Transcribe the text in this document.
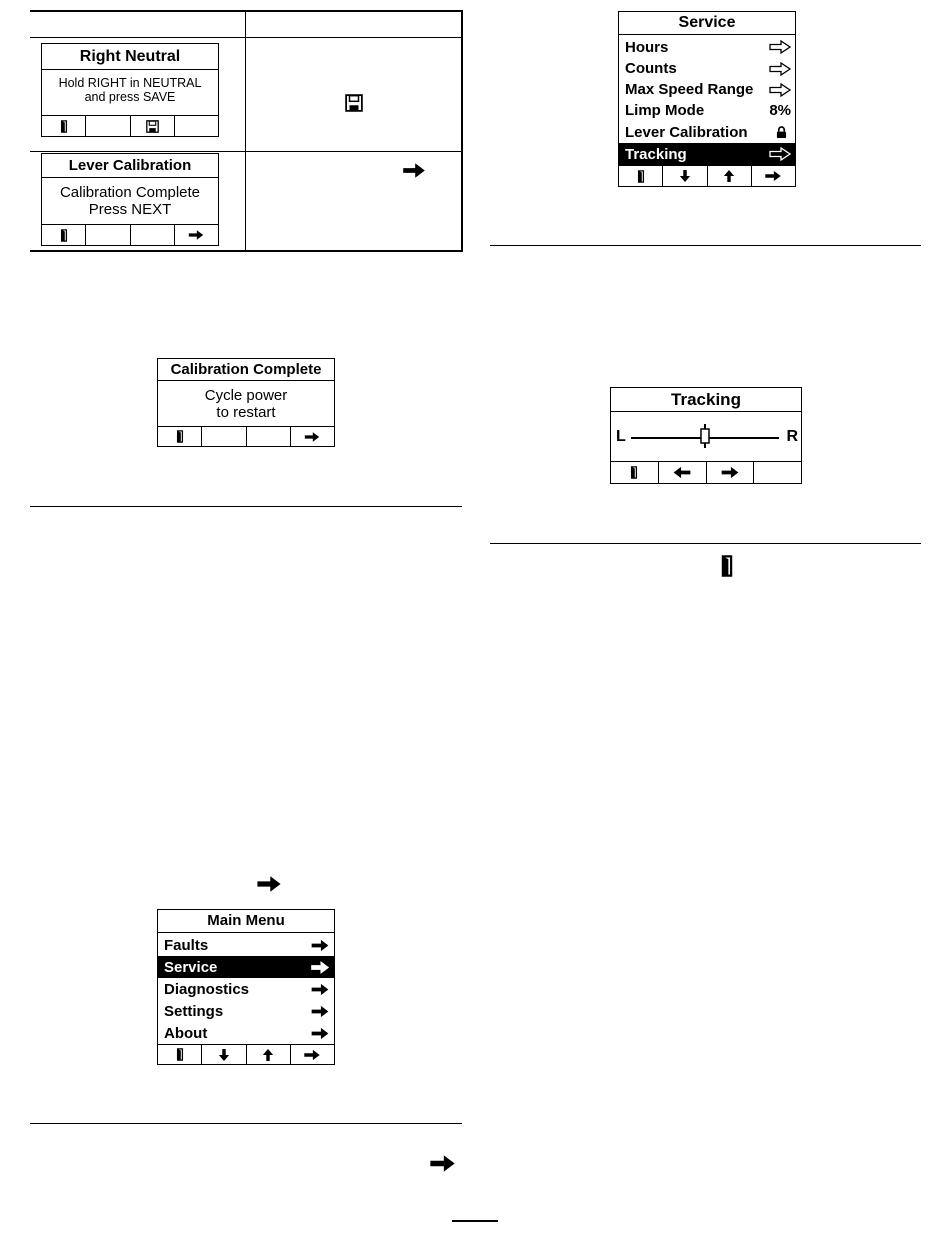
Right Neutral
Hold RIGHT in NEUTRAL
and press SAVE
Lever Calibration
Calibration Complete
Press NEXT
Calibration Complete
Cycle power
to restart
Main Menu
Faults
Service
Diagnostics
Settings
About
Service
Hours
Counts
Max Speed Range
Limp Mode	8%
Lever Calibration
Tracking
Tracking
L	R
